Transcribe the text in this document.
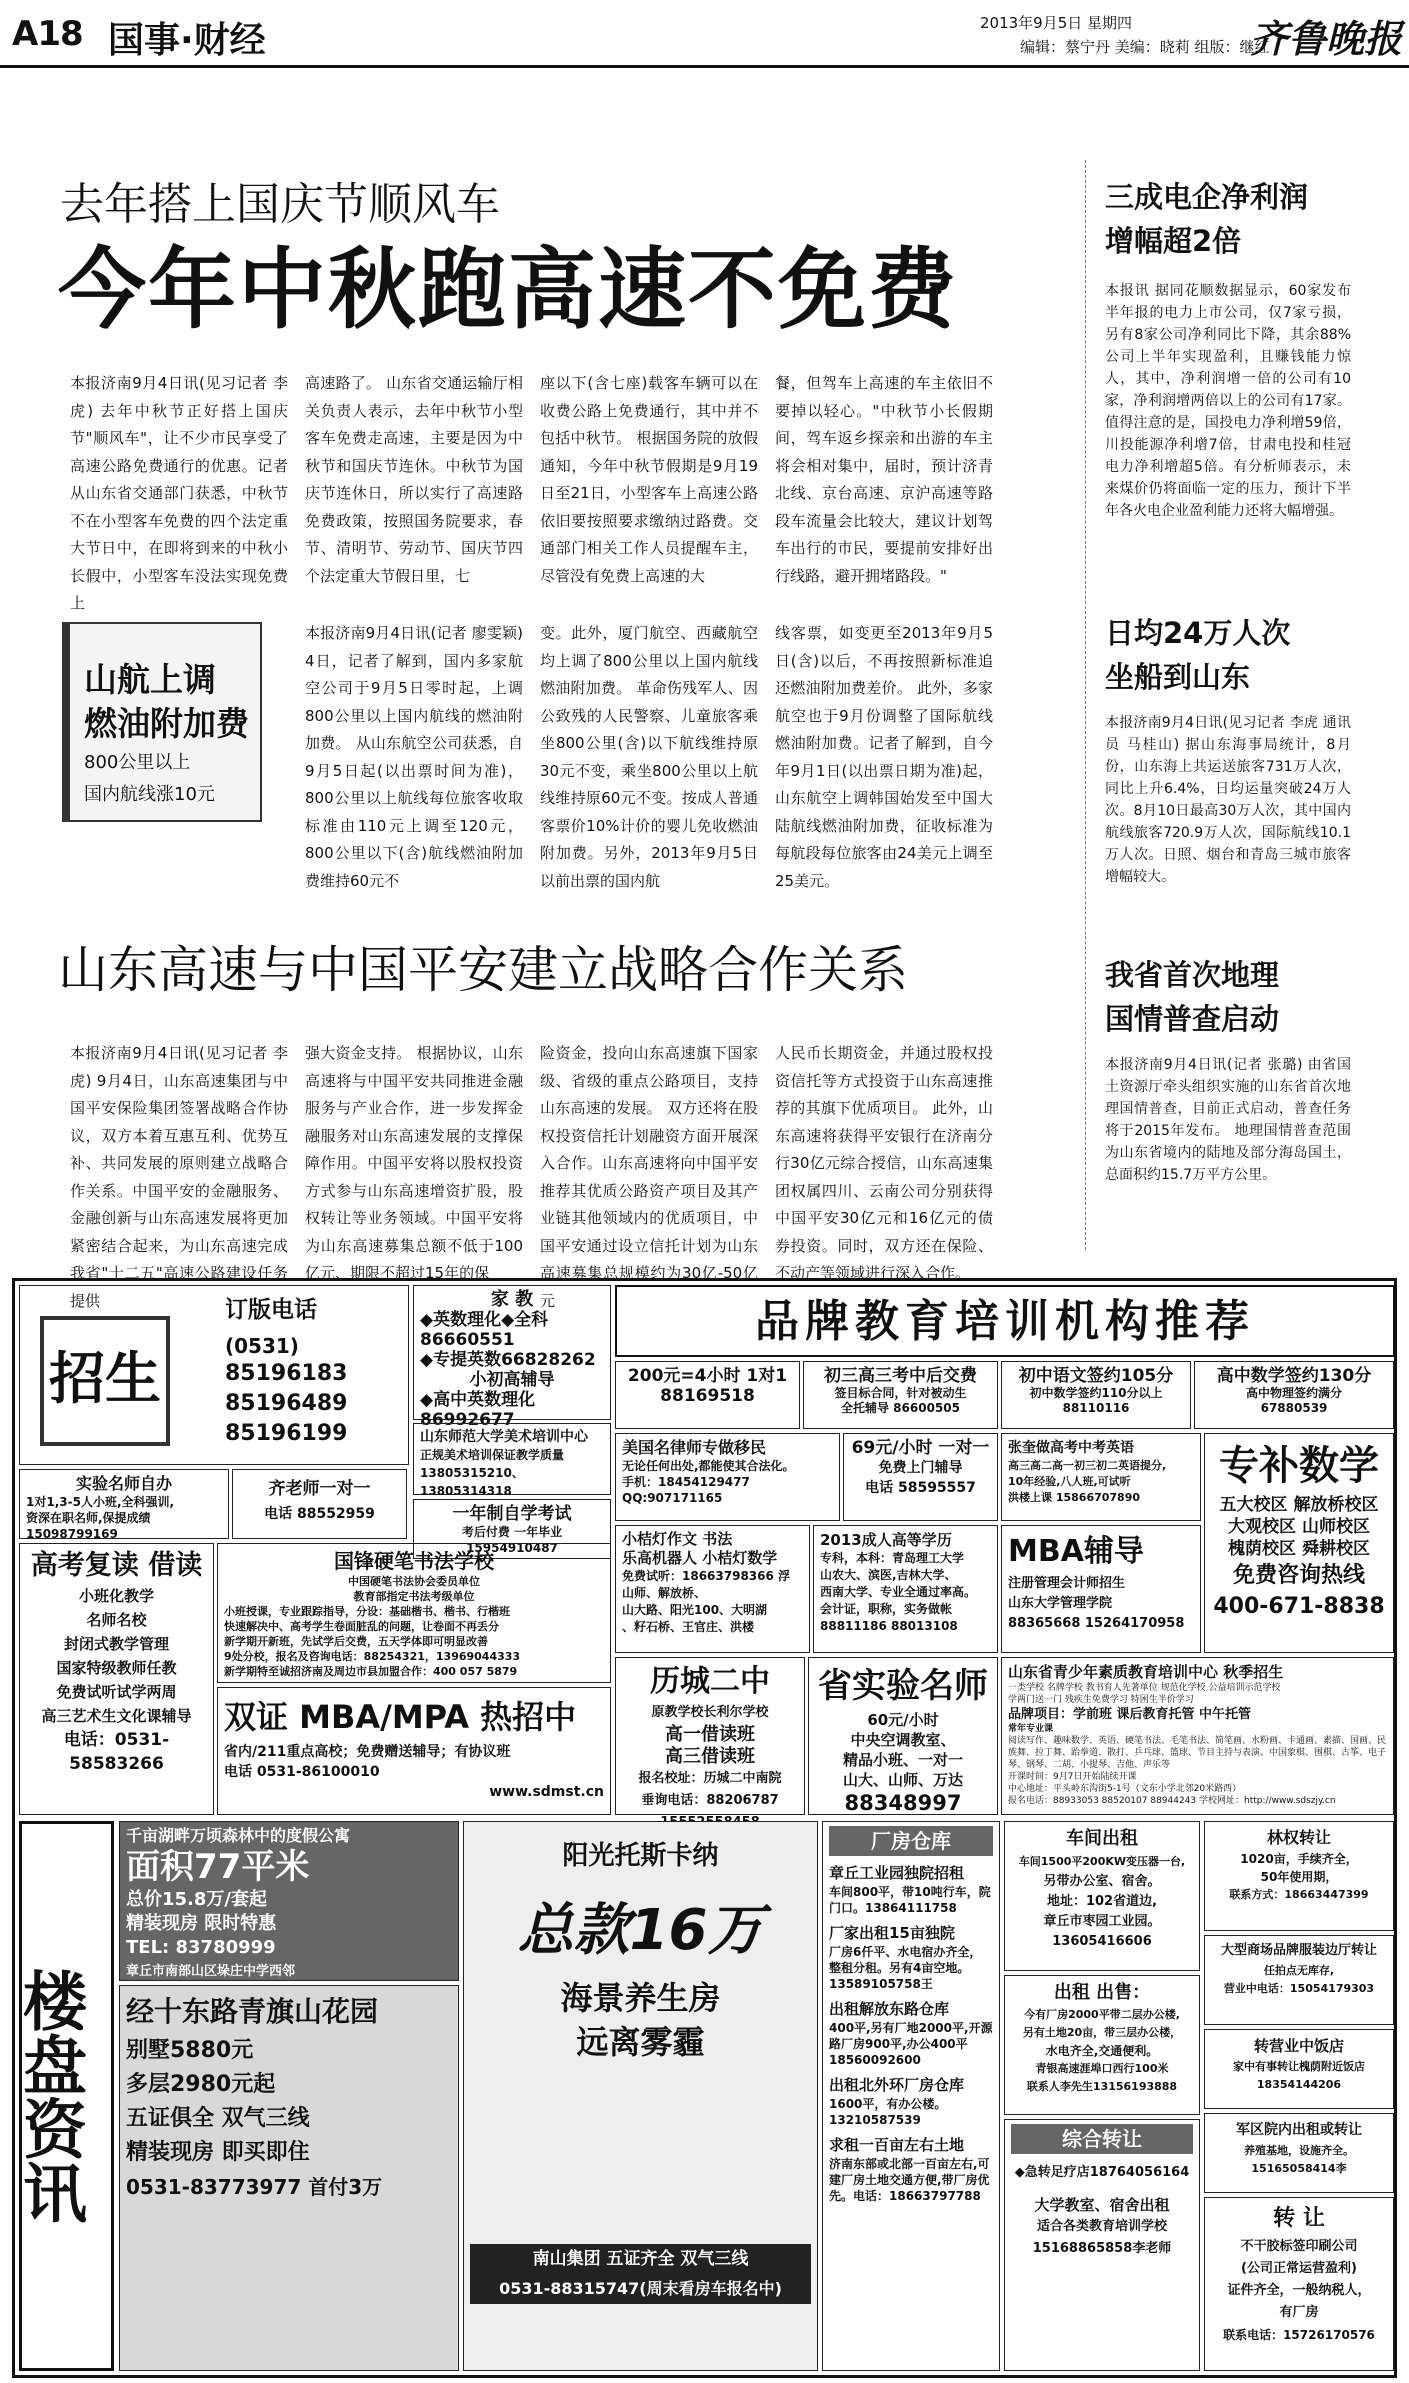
A18 国事·财经	2013年9月5日 星期四
编辑：蔡宁丹 美编：晓莉 组版：继红
齐鲁晚报
去年搭上国庆节顺风车
今年中秋跑高速不免费
本报济南9月4日讯(见习记者 李虎) 去年中秋节正好搭上国庆节"顺风车"，让不少市民享受了高速公路免费通行的优惠。记者从山东省交通部门获悉，中秋节不在小型客车免费的四个法定重大节日中，在即将到来的中秋小长假中，小型客车没法实现免费上
高速路了。 山东省交通运输厅相关负责人表示，去年中秋节小型客车免费走高速，主要是因为中秋节和国庆节连休。中秋节为国庆节连休日，所以实行了高速路免费政策，按照国务院要求，春节、清明节、劳动节、国庆节四个法定重大节假日里，七
座以下(含七座)载客车辆可以在收费公路上免费通行，其中并不包括中秋节。 根据国务院的放假通知，今年中秋节假期是9月19日至21日，小型客车上高速公路依旧要按照要求缴纳过路费。交通部门相关工作人员提醒车主，尽管没有免费上高速的大
餐，但驾车上高速的车主依旧不要掉以轻心。"中秋节小长假期间，驾车返乡探亲和出游的车主将会相对集中，届时，预计济青北线、京台高速、京沪高速等路段车流量会比较大，建议计划驾车出行的市民，要提前安排好出行线路，避开拥堵路段。"
山航上调
燃油附加费
800公里以上
国内航线涨10元
本报济南9月4日讯(记者 廖雯颖) 4日，记者了解到，国内多家航空公司于9月5日零时起，上调800公里以上国内航线的燃油附加费。 从山东航空公司获悉，自9月5日起(以出票时间为准)，800公里以上航线每位旅客收取标准由110元上调至120元，800公里以下(含)航线燃油附加费维持60元不
变。此外，厦门航空、西藏航空均上调了800公里以上国内航线燃油附加费。 革命伤残军人、因公致残的人民警察、儿童旅客乘坐800公里(含)以下航线维持原30元不变，乘坐800公里以上航线维持原60元不变。按成人普通客票价10%计价的婴儿免收燃油附加费。另外，2013年9月5日以前出票的国内航
线客票，如变更至2013年9月5日(含)以后，不再按照新标准追还燃油附加费差价。 此外，多家航空也于9月份调整了国际航线燃油附加费。记者了解到，自今年9月1日(以出票日期为准)起，山东航空上调韩国始发至中国大陆航线燃油附加费，征收标准为每航段每位旅客由24美元上调至25美元。
山东高速与中国平安建立战略合作关系
本报济南9月4日讯(见习记者 李虎) 9月4日，山东高速集团与中国平安保险集团签署战略合作协议，双方本着互惠互利、优势互补、共同发展的原则建立战略合作关系。中国平安的金融服务、金融创新与山东高速发展将更加紧密结合起来，为山东高速完成我省"十二五"高速公路建设任务提供
强大资金支持。 根据协议，山东高速将与中国平安共同推进金融服务与产业合作，进一步发挥金融服务对山东高速发展的支撑保障作用。中国平安将以股权投资方式参与山东高速增资扩股，股权转让等业务领域。中国平安将为山东高速募集总额不低于100亿元、期限不超过15年的保
险资金，投向山东高速旗下国家级、省级的重点公路项目，支持山东高速的发展。 双方还将在股权投资信托计划融资方面开展深入合作。山东高速将向中国平安推荐其优质公路资产项目及其产业链其他领域内的优质项目，中国平安通过设立信托计划为山东高速募集总规模约为30亿-50亿元
人民币长期资金，并通过股权投资信托等方式投资于山东高速推荐的其旗下优质项目。 此外，山东高速将获得平安银行在济南分行30亿元综合授信，山东高速集团权属四川、云南公司分别获得中国平安30亿元和16亿元的债券投资。同时，双方还在保险、不动产等领域进行深入合作。
三成电企净利润
增幅超2倍
本报讯 据同花顺数据显示，60家发布半年报的电力上市公司，仅7家亏损，另有8家公司净利同比下降，其余88%公司上半年实现盈利，且赚钱能力惊人，其中，净利润增一倍的公司有10家，净利润增两倍以上的公司有17家。 值得注意的是，国投电力净利增59倍，川投能源净利增7倍，甘肃电投和桂冠电力净利增超5倍。有分析师表示，未来煤价仍将面临一定的压力，预计下半年各火电企业盈利能力还将大幅增强。
日均24万人次
坐船到山东
本报济南9月4日讯(见习记者 李虎 通讯员 马桂山) 据山东海事局统计，8月份，山东海上共运送旅客731万人次，同比上升6.4%，日均运量突破24万人次。8月10日最高30万人次，其中国内航线旅客720.9万人次，国际航线10.1万人次。日照、烟台和青岛三城市旅客增幅较大。
我省首次地理
国情普查启动
本报济南9月4日讯(记者 张璐) 由省国土资源厅牵头组织实施的山东省首次地理国情普查，目前正式启动，普查任务将于2015年发布。 地理国情普查范围为山东省境内的陆地及部分海岛国土，总面积约15.7万平方公里。
品牌教育培训机构推荐
招生
订版电话
(0531)
85196183
85196489
85196199
家 教
◆英数理化◆全科86660551
◆专提英数66828262
小初高辅导
◆高中英数理化86992677
山东师范大学美术培训中心
正规美术培训保证教学质量
13805315210、13805314318
200元=4小时 1对1
88169518
初三高三考中后交费
签目标合同，针对被动生
全托辅导 86600505
初中语文签约105分
初中数学签约110分以上
88110116
高中数学签约130分
高中物理签约满分
67880539
美国名律师专做移民
无论任何出处,都能使其合法化。
手机：18454129477
QQ:907171165
69元/小时 一对一
免费上门辅导
电话 58595557
张奎做高考中考英语
高三高二高一初三初二英语提分,
10年经验,八人班,可试听
洪楼上课 15866707890
专补数学
五大校区 解放桥校区
大观校区 山师校区
槐荫校区 舜耕校区
免费咨询热线
400-671-8838
实验名师自办
1对1,3-5人小班,全科强训,
资深在职名师,保提成绩
15098799169
齐老师一对一
电话 88552959	一年制自学考试
考后付费 一年毕业
15954910487	小桔灯作文 书法
乐高机器人 小桔灯数学
免费试听：18663798366 浮
山师、解放桥、
山大路、阳光100、大明湖
、籽石桥、王官庄、洪楼
2013成人高等学历
专科，本科：青岛理工大学
山农大、滨医,吉林大学、
西南大学、专业全通过率高。
会计证，职称，实务做帐
88811186 88013108
MBA辅导
注册管理会计师招生
山东大学管理学院
88365668 15264170958
高考复读 借读
小班化教学
名师名校
封闭式教学管理
国家特级教师任教
免费试听试学两周
高三艺术生文化课辅导
电话：0531-58583266
国锋硬笔书法学校
中国硬笔书法协会委员单位
教育部指定书法考级单位
小班授课，专业跟踪指导，分设：基础楷书、楷书、行楷班
快速解决中、高考学生卷面脏乱的问题，让卷面不再丢分
新学期开新班，先试学后交费，五天学体即可明显改善
9处分校，报名及咨询电话：88254321，13969044333
新学期特至诚招济南及周边市县加盟合作：400 057 5879
双证 MBA/MPA 热招中
省内/211重点高校；免费赠送辅导；有协议班
电话 0531-86100010
www.sdmst.cn
历城二中
原教学校长利尔学校
高一借读班
高三借读班
报名校址：历城二中南院
垂询电话：88206787
省实验名师
60元/小时
中央空调教室、
精品小班、一对一
山大、山师、万达
88348997
山东省青少年素质教育培训中心 秋季招生
一类学校 名牌学校 教书育人先著单位 规范化学校 公益培训示范学校
学两门送一门 残疾生免费学习 特困生半价学习
品牌项目：学前班 课后教育托管 中午托管
常年专业课
阅读写作、趣味数学、英语、硬笔书法、毛笔书法、简笔画、水粉画、卡通画、素描、国画、民族舞、拉丁舞、跆拳道、散打、乒乓球、篮球、节目主持与表演、中国象棋、围棋、古筝、电子琴、钢琴、二胡、小提琴、吉他、声乐等
开课时间：9月7日开始陆续开课
中心地址：平头岭东沟街5-1号（文东小学北邻20米路西）
报名电话：88933053 88520107 88944243 学校网址：http://www.sdszjy.cn
楼盘资讯
千亩湖畔万顷森林中的度假公寓
面积77平米
总价15.8万/套起
精装现房 限时特惠
TEL: 83780999
章丘市南部山区垛庄中学西邻
经十东路青旗山花园
别墅5880元
多层2980元起
五证俱全 双气三线
精装现房 即买即住
0531-83773977 首付3万
阳光托斯卡纳
总款16万
海景养生房
远离雾霾
南山集团 五证齐全 双气三线
0531-88315747(周末看房车报名中)
厂房仓库
章丘工业园独院招租
车间800平，带10吨行车，院门口。13864111758
厂家出租15亩独院
厂房6仟平、水电宿办齐全，整租分租。另有4亩空地。13589105758王
出租解放东路仓库
400平,另有厂地2000平,开源路厂房900平,办公400平18560092600
出租北外环厂房仓库
1600平，有办公楼。13210587539
求租一百亩左右土地
济南东部或北部一百亩左右,可建厂房土地交通方便,带厂房优先。电话：18663797788
车间出租
车间1500平200KW变压器一台,
另带办公室、宿舍。
地址：102省道边,
章丘市枣园工业园。
13605416606
出租 出售：
今有厂房2000平带二层办公楼,
另有土地20亩，带三层办公楼，
水电齐全,交通便利。
青银高速涯埠口西行100米
联系人李先生13156193888
综合转让
◆急转足疗店18764056164
大学教室、宿舍出租
适合各类教育培训学校
15168865858李老师
林权转让
1020亩，手续齐全，
50年使用期，
联系方式：18663447399
大型商场品牌服装边厅转让
任拍点无库存,
营业中电话：15054179303
转营业中饭店
家中有事转让槐荫附近饭店
18354144206
军区院内出租或转让
养殖基地，设施齐全。
15165058414李
转 让
不干胶标签印刷公司
(公司正常运营盈利)
证件齐全，一般纳税人，
有厂房
联系电话：15726170576
